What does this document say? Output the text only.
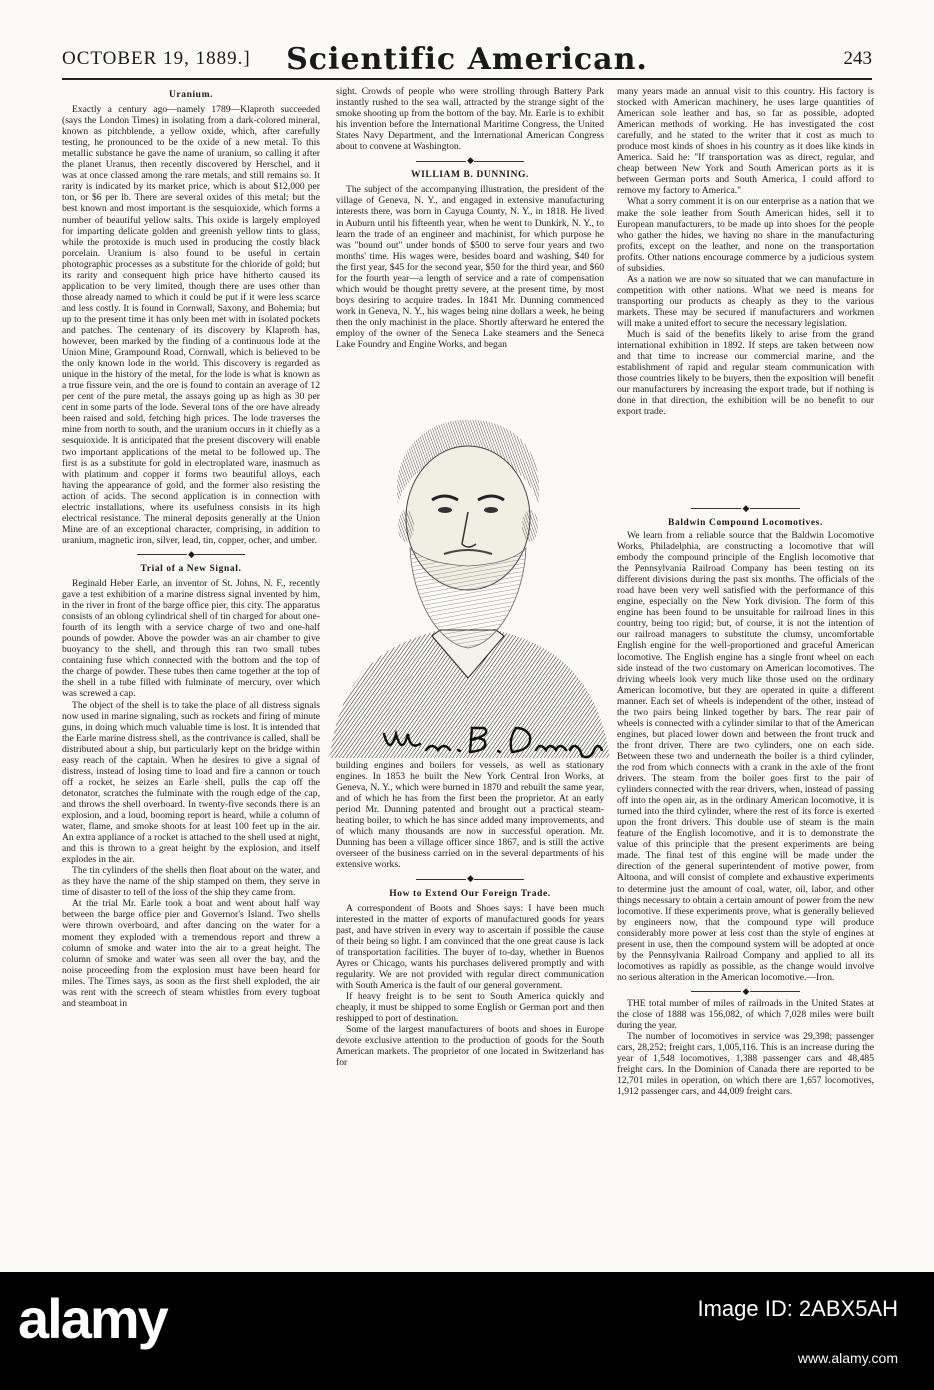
OCTOBER 19, 1889.]	Scientific American.	243
Uranium.

Exactly a century ago—namely 1789—Klaproth succeeded (says the London Times) in isolating from a dark-colored mineral, known as pitchblende, a yellow oxide, which, after carefully testing, he pronounced to be the oxide of a new metal. To this metallic substance he gave the name of uranium, so calling it after the planet Uranus, then recently discovered by Herschel, and it was at once classed among the rare metals, and still remains so. It rarity is indicated by its market price, which is about $12,000 per ton, or $6 per lb. There are several oxides of this metal; but the best known and most important is the sesquioxide, which forms a number of beautiful yellow salts. This oxide is largely employed for imparting delicate golden and greenish yellow tints to glass, while the protoxide is much used in producing the costly black porcelain. Uranium is also found to be useful in certain photographic processes as a substitute for the chloride of gold; but its rarity and consequent high price have hitherto caused its application to be very limited, though there are uses other than those already named to which it could be put if it were less scarce and less costly. It is found in Cornwall, Saxony, and Bohemia; but up to the present time it has only been met with in isolated pockets and patches. The centenary of its discovery by Klaproth has, however, been marked by the finding of a continuous lode at the Union Mine, Grampound Road, Cornwall, which is believed to be the only known lode in the world. This discovery is regarded as unique in the history of the metal, for the lode is what is known as a true fissure vein, and the ore is found to contain an average of 12 per cent of the pure metal, the assays going up as high as 30 per cent in some parts of the lode. Several tons of the ore have already been raised and sold, fetching high prices. The lode traverses the mine from north to south, and the uranium occurs in it chiefly as a sesquioxide. It is anticipated that the present discovery will enable two important applications of the metal to be followed up. The first is as a substitute for gold in electroplated ware, inasmuch as with platinum and copper it forms two beautiful alloys, each having the appearance of gold, and the former also resisting the action of acids. The second application is in connection with electric installations, where its usefulness consists in its high electrical resistance. The mineral deposits generally at the Union Mine are of an exceptional character, comprising, in addition to uranium, magnetic iron, silver, lead, tin, copper, ocher, and umber.

◆
Trial of a New Signal.

Reginald Heber Earle, an inventor of St. Johns, N. F., recently gave a test exhibition of a marine distress signal invented by him, in the river in front of the barge office pier, this city. The apparatus consists of an oblong cylindrical shell of tin charged for about one-fourth of its length with a service charge of two and one-half pounds of powder. Above the powder was an air chamber to give buoyancy to the shell, and through this ran two small tubes containing fuse which connected with the bottom and the top of the charge of powder. These tubes then came together at the top of the shell in a tube filled with fulminate of mercury, over which was screwed a cap.

The object of the shell is to take the place of all distress signals now used in marine signaling, such as rockets and firing of minute guns, in doing which much valuable time is lost. It is intended that the Earle marine distress shell, as the contrivance is called, shall be distributed about a ship, but particularly kept on the bridge within easy reach of the captain. When he desires to give a signal of distress, instead of losing time to load and fire a cannon or touch off a rocket, he seizes an Earle shell, pulls the cap off the detonator, scratches the fulminate with the rough edge of the cap, and throws the shell overboard. In twenty-five seconds there is an explosion, and a loud, booming report is heard, while a column of water, flame, and smoke shoots for at least 100 feet up in the air. An extra appliance of a rocket is attached to the shell used at night, and this is thrown to a great height by the explosion, and itself explodes in the air.

The tin cylinders of the shells then float about on the water, and as they have the name of the ship stamped on them, they serve in time of disaster to tell of the loss of the ship they came from.

At the trial Mr. Earle took a boat and went about half way between the barge office pier and Governor's Island. Two shells were thrown overboard, and after dancing on the water for a moment they exploded with a tremendous report and threw a column of smoke and water into the air to a great height. The column of smoke and water was seen all over the bay, and the noise proceeding from the explosion must have been heard for miles. The Times says, as soon as the first shell exploded, the air was rent with the screech of steam whistles from every tugboat and steamboat in

sight. Crowds of people who were strolling through Battery Park instantly rushed to the sea wall, attracted by the strange sight of the smoke shooting up from the bottom of the bay. Mr. Earle is to exhibit his invention before the International Maritime Congress, the United States Navy Department, and the International American Congress about to convene at Washington.

◆
WILLIAM B. DUNNING.

The subject of the accompanying illustration, the president of the village of Geneva, N. Y., and engaged in extensive manufacturing interests there, was born in Cayuga County, N. Y., in 1818. He lived in Auburn until his fifteenth year, when he went to Dunkirk, N. Y., to learn the trade of an engineer and machinist, for which purpose he was "bound out" under bonds of $500 to serve four years and two months' time. His wages were, besides board and washing, $40 for the first year, $45 for the second year, $50 for the third year, and $60 for the fourth year—a length of service and a rate of compensation which would be thought pretty severe, at the present time, by most boys desiring to acquire trades. In 1841 Mr. Dunning commenced work in Geneva, N. Y., his wages being nine dollars a week, he being then the only machinist in the place. Shortly afterward he entered the employ of the owner of the Seneca Lake steamers and the Seneca Lake Foundry and Engine Works, and began

many years made an annual visit to this country. His factory is stocked with American machinery, he uses large quantities of American sole leather and has, so far as possible, adopted American methods of working. He has investigated the cost carefully, and he stated to the writer that it cost as much to produce most kinds of shoes in his country as it does like kinds in America. Said he: "If transportation was as direct, regular, and cheap between New York and South American ports as it is between German ports and South America, I could afford to remove my factory to America."

What a sorry comment it is on our enterprise as a nation that we make the sole leather from South American hides, sell it to European manufacturers, to be made up into shoes for the people who gather the hides, we having no share in the manufacturing profits, except on the leather, and none on the transportation profits. Other nations encourage commerce by a judicious system of subsidies.

As a nation we are now so situated that we can manufacture in competition with other nations. What we need is means for transporting our products as cheaply as they to the various markets. These may be secured if manufacturers and workmen will make a united effort to secure the necessary legislation.

Much is said of the benefits likely to arise from the grand international exhibition in 1892. If steps are taken between now and that time to increase our commercial marine, and the establishment of rapid and regular steam communication with those countries likely to be buyers, then the exposition will benefit our manufacturers by increasing the export trade, but if nothing is done in that direction, the exhibition will be no benefit to our export trade.

◆
Baldwin Compound Locomotives.

We learn from a reliable source that the Baldwin Locomotive Works, Philadelphia, are constructing a locomotive that will embody the compound principle of the English locomotive that the Pennsylvania Railroad Company has been testing on its different divisions during the past six months. The officials of the road have been very well satisfied with the performance of this engine, especially on the New York division. The form of this engine has been found to be unsuitable for railroad lines in this country, being too rigid; but, of course, it is not the intention of our railroad managers to substitute the clumsy, uncomfortable English engine for the well-proportioned and graceful American locomotive. The English engine has a single front wheel on each side instead of the two customary on American locomotives. The driving wheels look very much like those used on the ordinary American locomotive, but they are operated in quite a different manner. Each set of wheels is independent of the other, instead of the two pairs being linked together by bars. The rear pair of wheels is connected with a cylinder similar to that of the American engines, but placed lower down and between the front truck and the front driver. There are two cylinders, one on each side. Between these two and underneath the boiler is a third cylinder, the rod from which connects with a crank in the axle of the front drivers. The steam from the boiler goes first to the pair of cylinders connected with the rear drivers, when, instead of passing off into the open air, as in the ordinary American locomotive, it is turned into the third cylinder, where the rest of its force is exerted upon the front drivers. This double use of steam is the main feature of the English locomotive, and it is to demonstrate the value of this principle that the present experiments are being made. The final test of this engine will be made under the direction of the general superintendent of motive power, from Altoona, and will consist of complete and exhaustive experiments to determine just the amount of coal, water, oil, labor, and other things necessary to obtain a certain amount of power from the new locomotive. If these experiments prove, what is generally believed by engineers now, that the compound type will produce considerably more power at less cost than the style of engines at present in use, then the compound system will be adopted at once by the Pennsylvania Railroad Company and applied to all its locomotives as rapidly as possible, as the change would involve no serious alteration in the American locomotive.—Iron.

◆

THE total number of miles of railroads in the United States at the close of 1888 was 156,082, of which 7,028 miles were built during the year.

The number of locomotives in service was 29,398; passenger cars, 28,252; freight cars, 1,005,116. This is an increase during the year of 1,548 locomotives, 1,388 passenger cars and 48,485 freight cars. In the Dominion of Canada there are reported to be 12,701 miles in operation, on which there are 1,657 locomotives, 1,912 passenger cars, and 44,009 freight cars.

building engines and boilers for vessels, as well as stationary engines. In 1853 he built the New York Central Iron Works, at Geneva, N. Y., which were burned in 1870 and rebuilt the same year, and of which he has from the first been the proprietor. At an early period Mr. Dunning patented and brought out a practical steam-heating boiler, to which he has since added many improvements, and of which many thousands are now in successful operation. Mr. Dunning has been a village officer since 1867, and is still the active overseer of the business carried on in the several departments of his extensive works.

◆
How to Extend Our Foreign Trade.

A correspondent of Boots and Shoes says: I have been much interested in the matter of exports of manufactured goods for years past, and have striven in every way to ascertain if possible the cause of their being so light. I am convinced that the one great cause is lack of transportation facilities. The buyer of to-day, whether in Buenos Ayres or Chicago, wants his purchases delivered promptly and with regularity. We are not provided with regular direct communication with South America is the fault of our general government.

If heavy freight is to be sent to South America quickly and cheaply, it must be shipped to some English or German port and then reshipped to port of destination.

Some of the largest manufacturers of boots and shoes in Europe devote exclusive attention to the production of goods for the South American markets. The proprietor of one located in Switzerland has for

alamy	Image ID: 2ABX5AH
www.alamy.com
